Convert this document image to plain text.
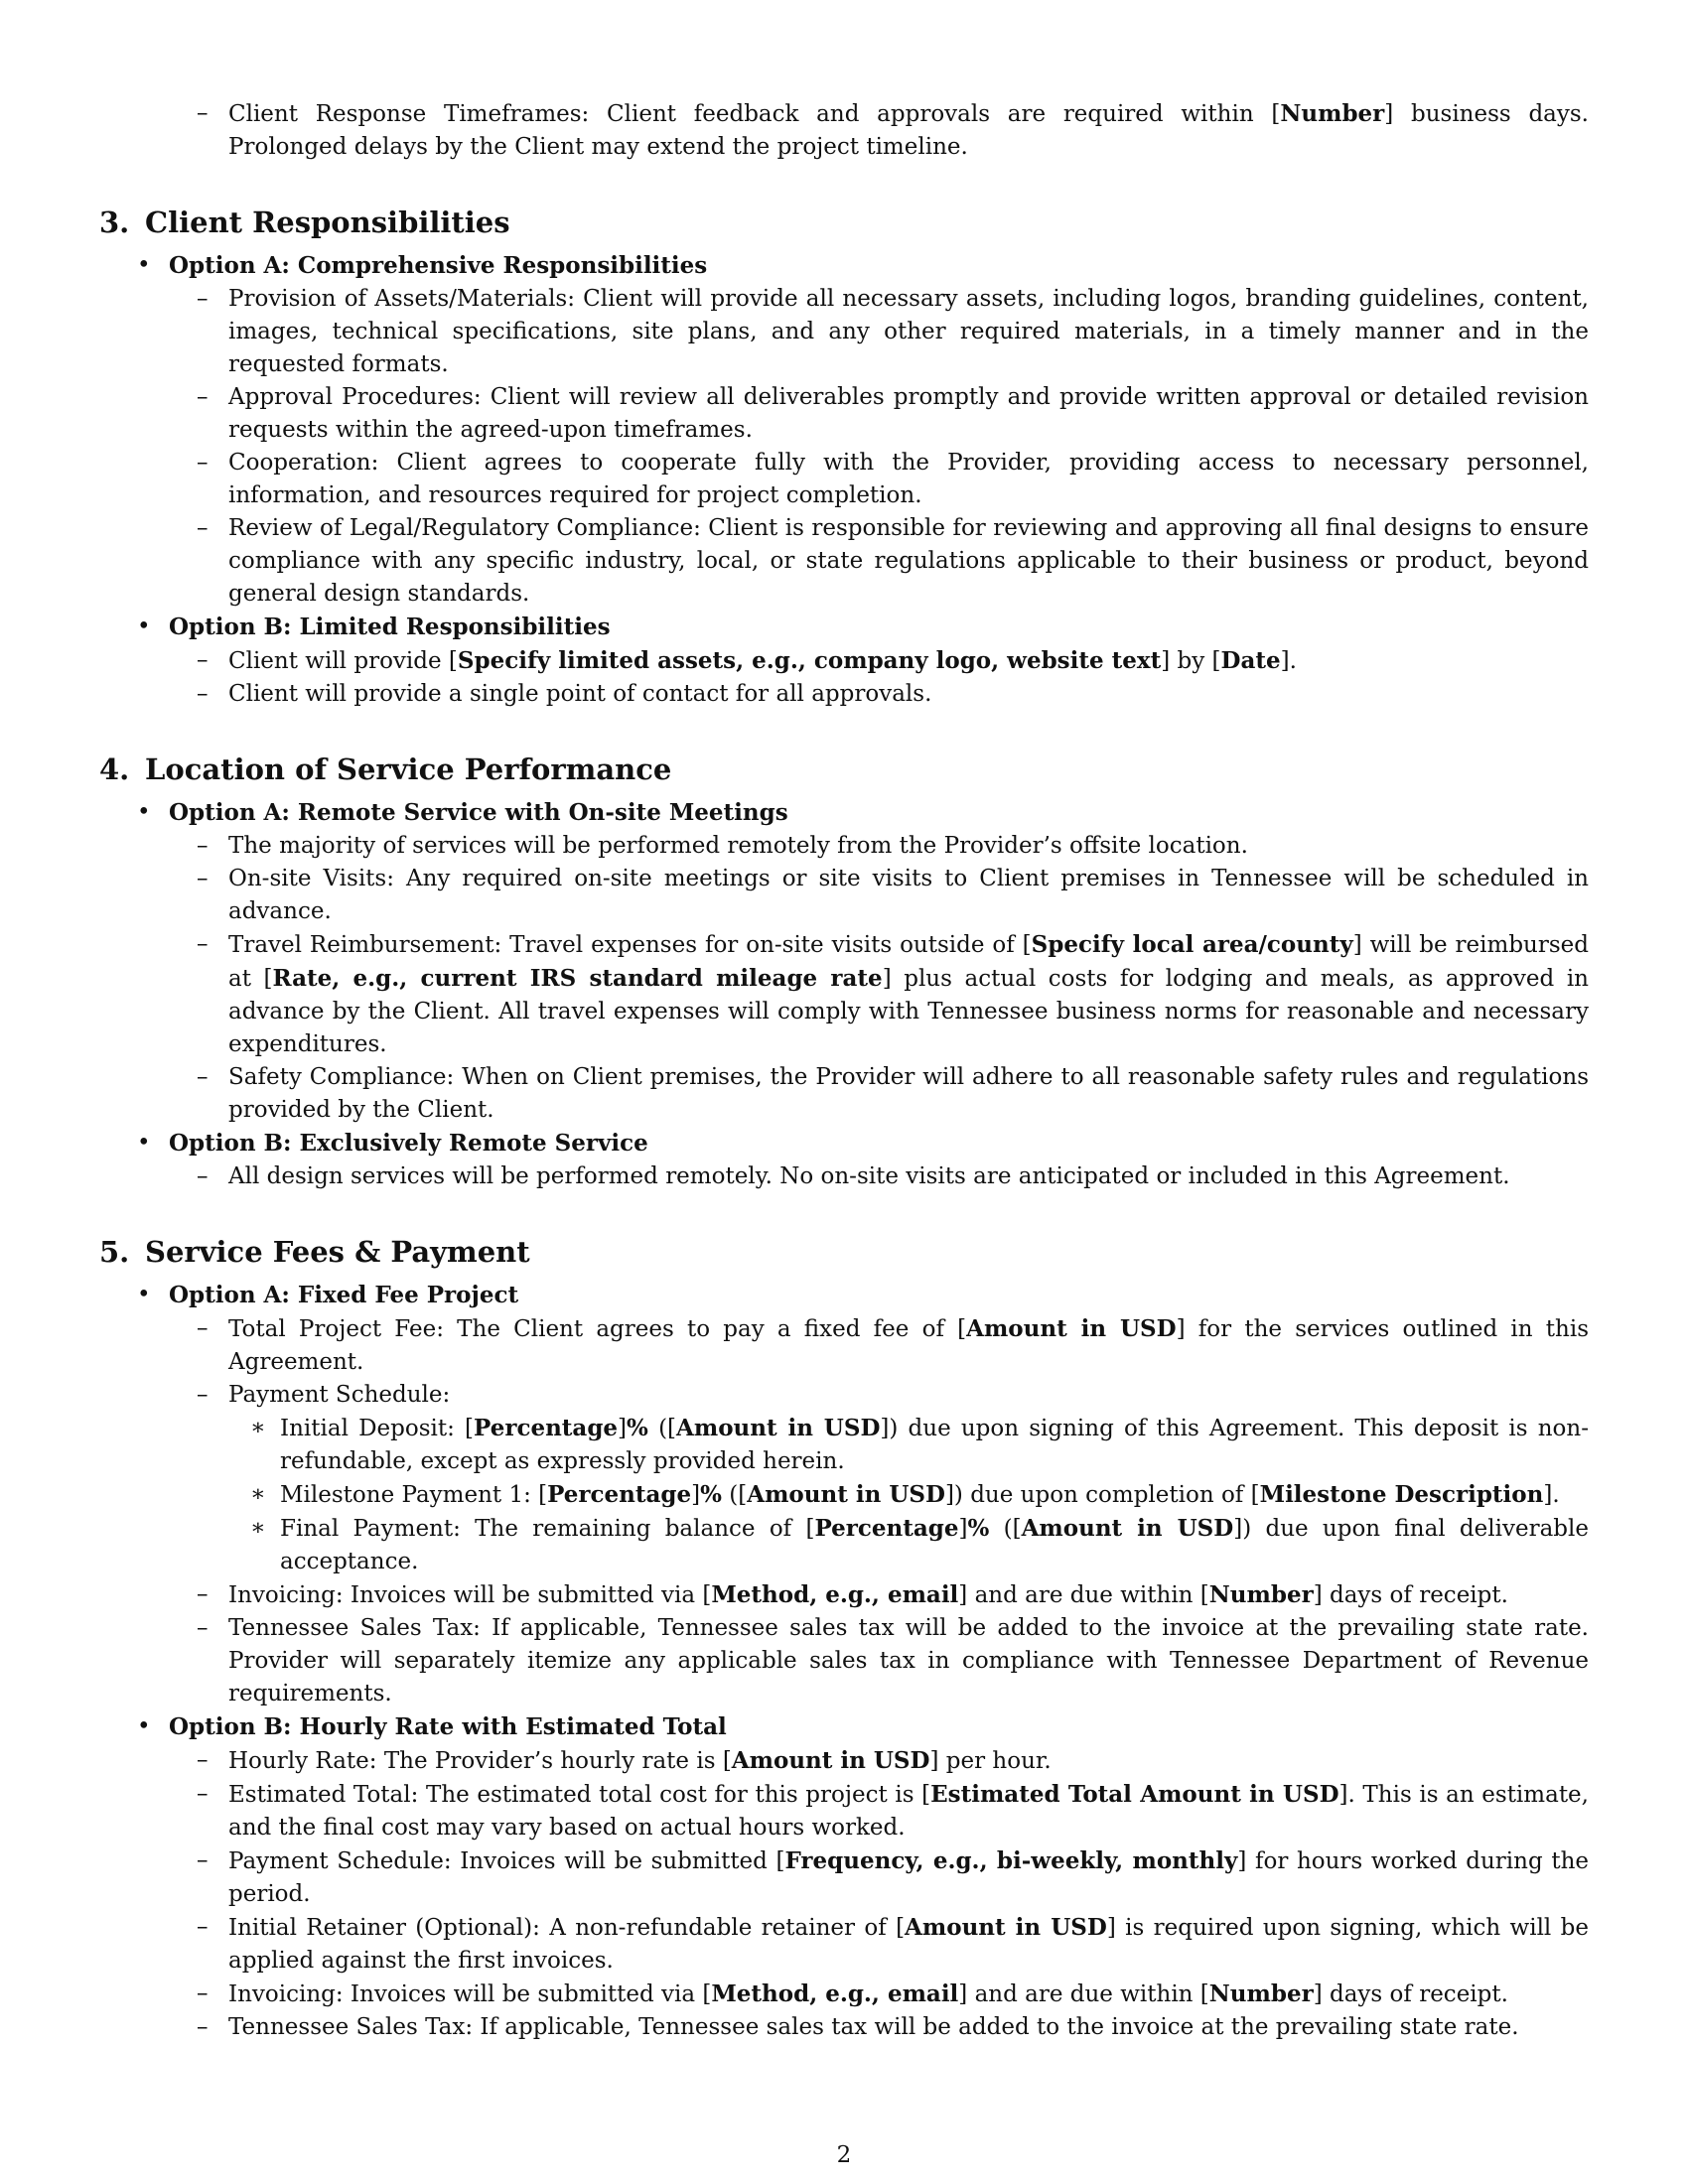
– Client Response Timeframes: Client feedback and approvals are required within [Number] business days. Prolonged delays by the Client may extend the project timeline.
3. Client Responsibilities
• Option A: Comprehensive Responsibilities
– Provision of Assets/Materials: Client will provide all necessary assets, including logos, branding guidelines, content, images, technical specifications, site plans, and any other required materials, in a timely manner and in the requested formats.
– Approval Procedures: Client will review all deliverables promptly and provide written approval or detailed revision requests within the agreed-upon timeframes.
– Cooperation: Client agrees to cooperate fully with the Provider, providing access to necessary personnel, information, and resources required for project completion.
– Review of Legal/Regulatory Compliance: Client is responsible for reviewing and approving all final designs to ensure compliance with any specific industry, local, or state regulations applicable to their business or product, beyond general design standards.
• Option B: Limited Responsibilities
– Client will provide [Specify limited assets, e.g., company logo, website text] by [Date].
– Client will provide a single point of contact for all approvals.
4. Location of Service Performance
• Option A: Remote Service with On-site Meetings
– The majority of services will be performed remotely from the Provider’s offsite location.
– On-site Visits: Any required on-site meetings or site visits to Client premises in Tennessee will be scheduled in advance.
– Travel Reimbursement: Travel expenses for on-site visits outside of [Specify local area/county] will be reimbursed at [Rate, e.g., current IRS standard mileage rate] plus actual costs for lodging and meals, as approved in advance by the Client. All travel expenses will comply with Tennessee business norms for reasonable and necessary expenditures.
– Safety Compliance: When on Client premises, the Provider will adhere to all reasonable safety rules and regulations provided by the Client.
• Option B: Exclusively Remote Service
– All design services will be performed remotely. No on-site visits are anticipated or included in this Agreement.
5. Service Fees & Payment
• Option A: Fixed Fee Project
– Total Project Fee: The Client agrees to pay a fixed fee of [Amount in USD] for the services outlined in this Agreement.
– Payment Schedule:
∗ Initial Deposit: [Percentage]% ([Amount in USD]) due upon signing of this Agreement. This deposit is non-refundable, except as expressly provided herein.
∗ Milestone Payment 1: [Percentage]% ([Amount in USD]) due upon completion of [Milestone Description].
∗ Final Payment: The remaining balance of [Percentage]% ([Amount in USD]) due upon final deliverable acceptance.
– Invoicing: Invoices will be submitted via [Method, e.g., email] and are due within [Number] days of receipt.
– Tennessee Sales Tax: If applicable, Tennessee sales tax will be added to the invoice at the prevailing state rate. Provider will separately itemize any applicable sales tax in compliance with Tennessee Department of Revenue requirements.
• Option B: Hourly Rate with Estimated Total
– Hourly Rate: The Provider’s hourly rate is [Amount in USD] per hour.
– Estimated Total: The estimated total cost for this project is [Estimated Total Amount in USD]. This is an estimate, and the final cost may vary based on actual hours worked.
– Payment Schedule: Invoices will be submitted [Frequency, e.g., bi-weekly, monthly] for hours worked during the period.
– Initial Retainer (Optional): A non-refundable retainer of [Amount in USD] is required upon signing, which will be applied against the first invoices.
– Invoicing: Invoices will be submitted via [Method, e.g., email] and are due within [Number] days of receipt.
– Tennessee Sales Tax: If applicable, Tennessee sales tax will be added to the invoice at the prevailing state rate.
2
